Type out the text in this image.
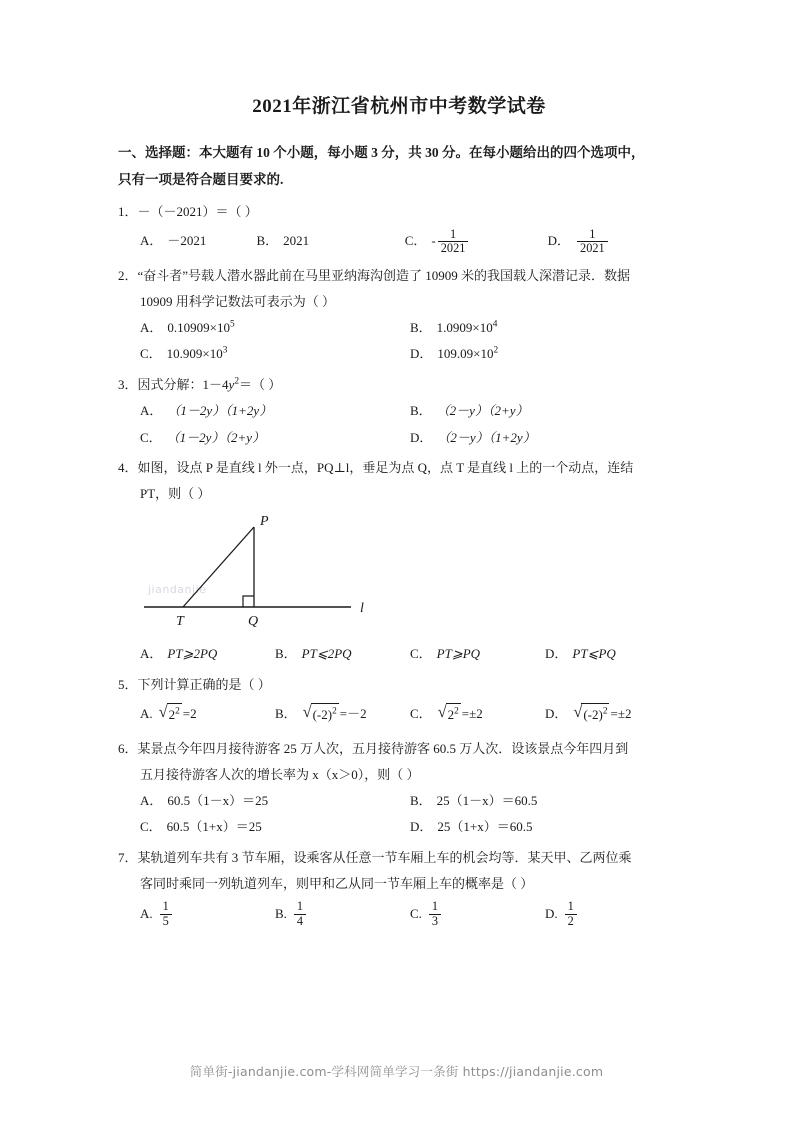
2021年浙江省杭州市中考数学试卷
一、选择题：本大题有 10 个小题，每小题 3 分，共 30 分。在每小题给出的四个选项中，
只有一项是符合题目要求的.
1．－（－2021）＝（ ）
A． －2021	B． 2021	C． - $\frac{1}{2021}$	D． $\frac{1}{2021}$
2．“奋斗者”号载人潜水器此前在马里亚纳海沟创造了 10909 米的我国载人深潜记录．数据
10909 用科学记数法可表示为（ ）
A． $0.10909\times 10^5$	B． $1.0909\times 10^4$
C． $10.909\times 10^3$	D． $109.09\times 10^2$
3．因式分解：$1-4y^2=$（ ）
A． （1－2y）（1+2y）	B． （2－y）（2+y）
C． （1－2y）（2+y）	D． （2－y）（1+2y）
4．如图，设点 P 是直线 l 外一点，PQ⊥l，垂足为点 Q，点 T 是直线 l 上的一个动点，连结
PT，则（ ）
jiandanjie
P
T	Q
l
A． PT⩾2PQ	B． PT⩽2PQ	C． PT⩾PQ	D． PT⩽PQ
5．下列计算正确的是（ ）
A. √ $2^2 =2$	B． √ $(-2)^2 =-2$	C． √ $2^2 =\pm 2$	D． √ $(-2)^2 =\pm 2$
6．某景点今年四月接待游客 25 万人次，五月接待游客 60.5 万人次．设该景点今年四月到
五月接待游客人次的增长率为 x（x＞0），则（ ）
A． 60.5（1－x）＝25	B． 25（1－x）＝60.5
C． 60.5（1+x）＝25	D． 25（1+x）＝60.5
7．某轨道列车共有 3 节车厢，设乘客从任意一节车厢上车的机会均等．某天甲、乙两位乘
客同时乘同一列轨道列车，则甲和乙从同一节车厢上车的概率是（ ）
A. $\frac{1}{5}$	B. $\frac{1}{4}$	C. $\frac{1}{3}$	D. $\frac{1}{2}$
简单街-jiandanjie.com-学科网简单学习一条街 https://jiandanjie.com
